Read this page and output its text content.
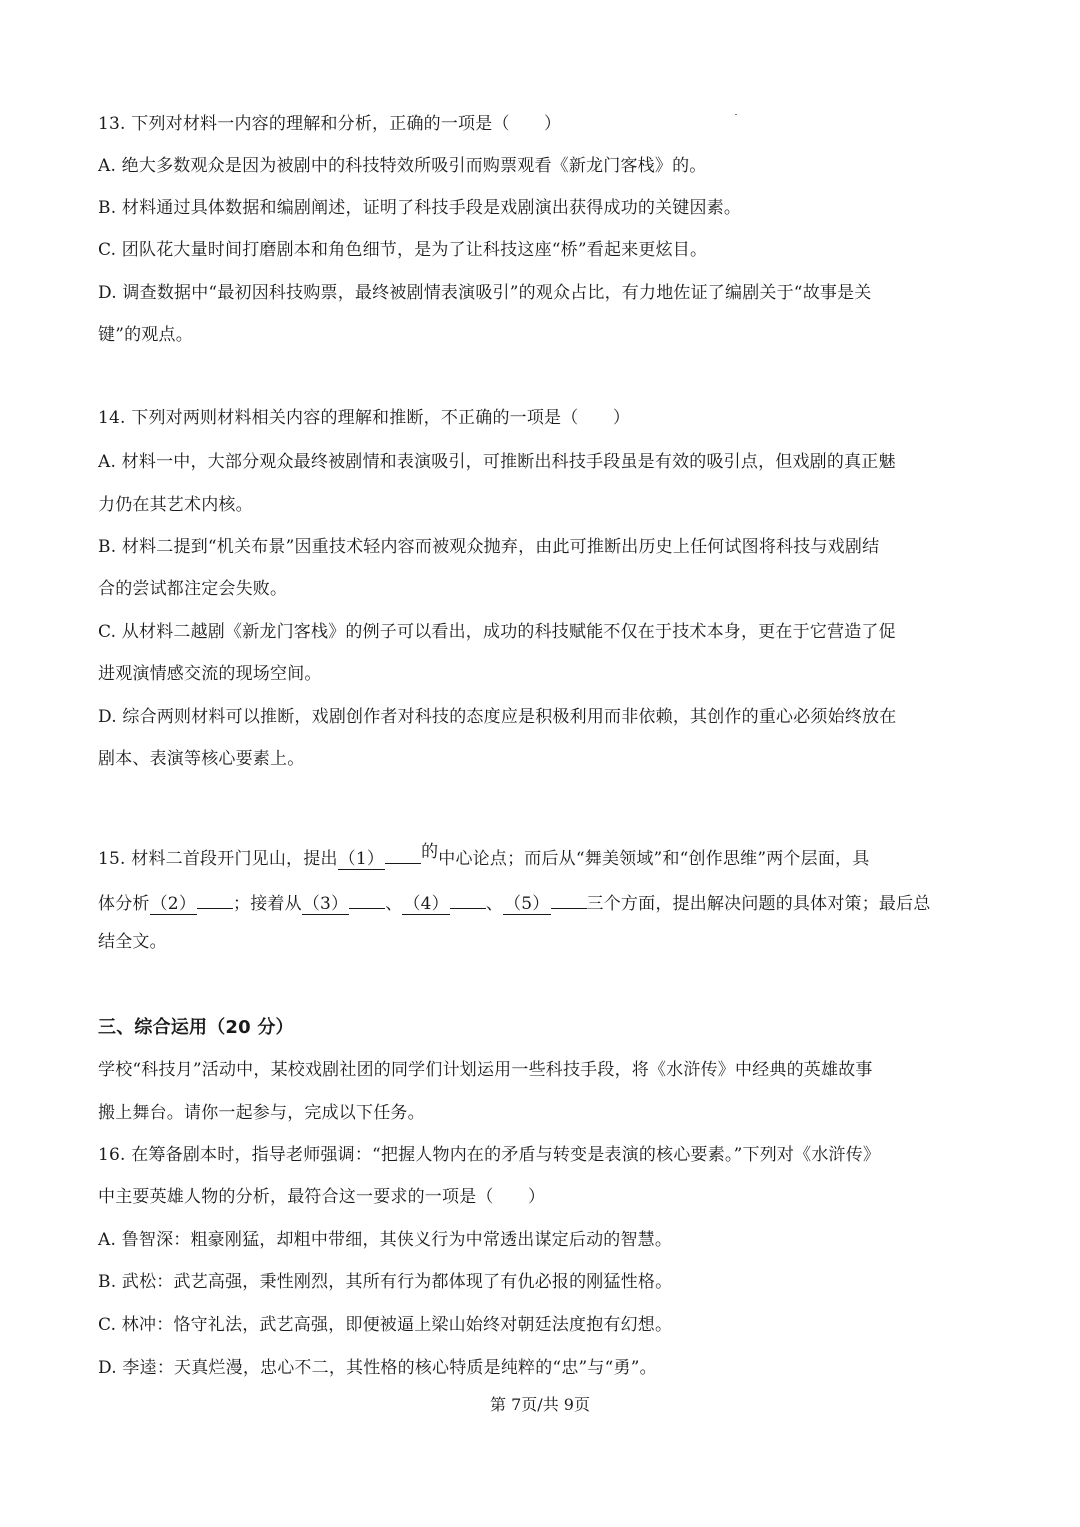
13. 下列对材料一内容的理解和分析，正确的一项是（　　）
A. 绝大多数观众是因为被剧中的科技特效所吸引而购票观看《新龙门客栈》的。
B. 材料通过具体数据和编剧阐述，证明了科技手段是戏剧演出获得成功的关键因素。
C. 团队花大量时间打磨剧本和角色细节，是为了让科技这座“桥”看起来更炫目。
D. 调查数据中“最初因科技购票，最终被剧情表演吸引”的观众占比，有力地佐证了编剧关于“故事是关
键”的观点。
14. 下列对两则材料相关内容的理解和推断，不正确的一项是（　　）
A. 材料一中，大部分观众最终被剧情和表演吸引，可推断出科技手段虽是有效的吸引点，但戏剧的真正魅
力仍在其艺术内核。
B. 材料二提到“机关布景”因重技术轻内容而被观众抛弃，由此可推断出历史上任何试图将科技与戏剧结
合的尝试都注定会失败。
C. 从材料二越剧《新龙门客栈》的例子可以看出，成功的科技赋能不仅在于技术本身，更在于它营造了促
进观演情感交流的现场空间。
D. 综合两则材料可以推断，戏剧创作者对科技的态度应是积极利用而非依赖，其创作的重心必须始终放在
剧本、表演等核心要素上。
15. 材料二首段开门见山，提出（1） 的中心论点；而后从“舞美领域”和“创作思维”两个层面，具
体分析（2） ；接着从（3） 、（4） 、（5） 三个方面，提出解决问题的具体对策；最后总
结全文。
三、综合运用（20 分）
学校“科技月”活动中，某校戏剧社团的同学们计划运用一些科技手段，将《水浒传》中经典的英雄故事
搬上舞台。请你一起参与，完成以下任务。
16. 在筹备剧本时，指导老师强调：“把握人物内在的矛盾与转变是表演的核心要素。”下列对《水浒传》
中主要英雄人物的分析，最符合这一要求的一项是（　　）
A. 鲁智深：粗豪刚猛，却粗中带细，其侠义行为中常透出谋定后动的智慧。
B. 武松：武艺高强，秉性刚烈，其所有行为都体现了有仇必报的刚猛性格。
C. 林冲：恪守礼法，武艺高强，即便被逼上梁山始终对朝廷法度抱有幻想。
D. 李逵：天真烂漫，忠心不二，其性格的核心特质是纯粹的“忠”与“勇”。
第 7页/共 9页
